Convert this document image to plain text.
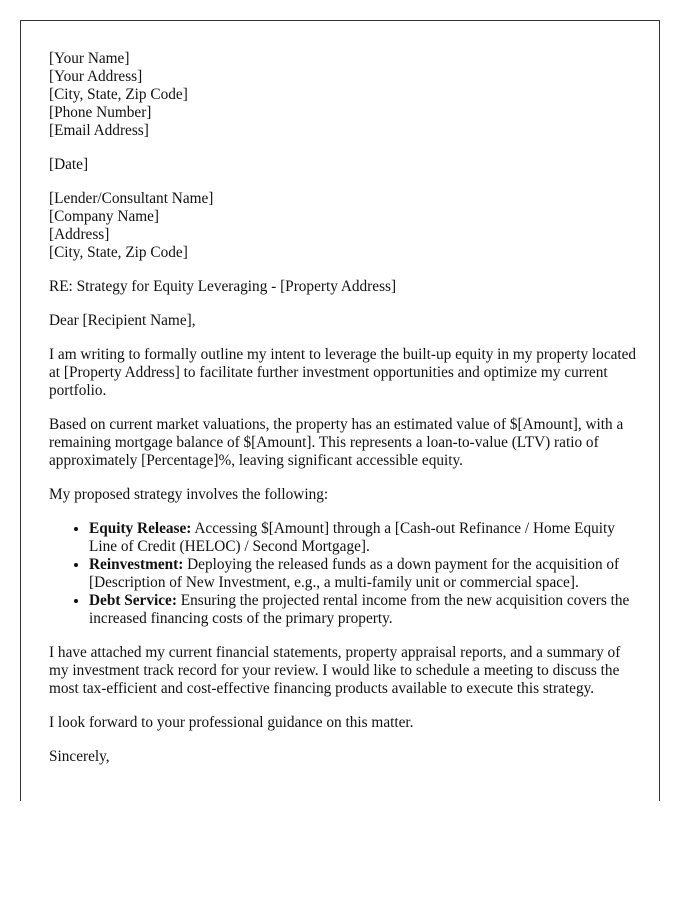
[Your Name]
[Your Address]
[City, State, Zip Code]
[Phone Number]
[Email Address]
[Date]
[Lender/Consultant Name]
[Company Name]
[Address]
[City, State, Zip Code]

RE: Strategy for Equity Leveraging - [Property Address]

Dear [Recipient Name],

I am writing to formally outline my intent to leverage the built-up equity in my property located at [Property Address] to facilitate further investment opportunities and optimize my current portfolio.

Based on current market valuations, the property has an estimated value of $[Amount], with a remaining mortgage balance of $[Amount]. This represents a loan-to-value (LTV) ratio of approximately [Percentage]%, leaving significant accessible equity.

My proposed strategy involves the following:

• Equity Release: Accessing $[Amount] through a [Cash-out Refinance / Home Equity Line of Credit (HELOC) / Second Mortgage].
• Reinvestment: Deploying the released funds as a down payment for the acquisition of [Description of New Investment, e.g., a multi-family unit or commercial space].
• Debt Service: Ensuring the projected rental income from the new acquisition covers the increased financing costs of the primary property.

I have attached my current financial statements, property appraisal reports, and a summary of my investment track record for your review. I would like to schedule a meeting to discuss the most tax-efficient and cost-effective financing products available to execute this strategy.

I look forward to your professional guidance on this matter.

Sincerely,
